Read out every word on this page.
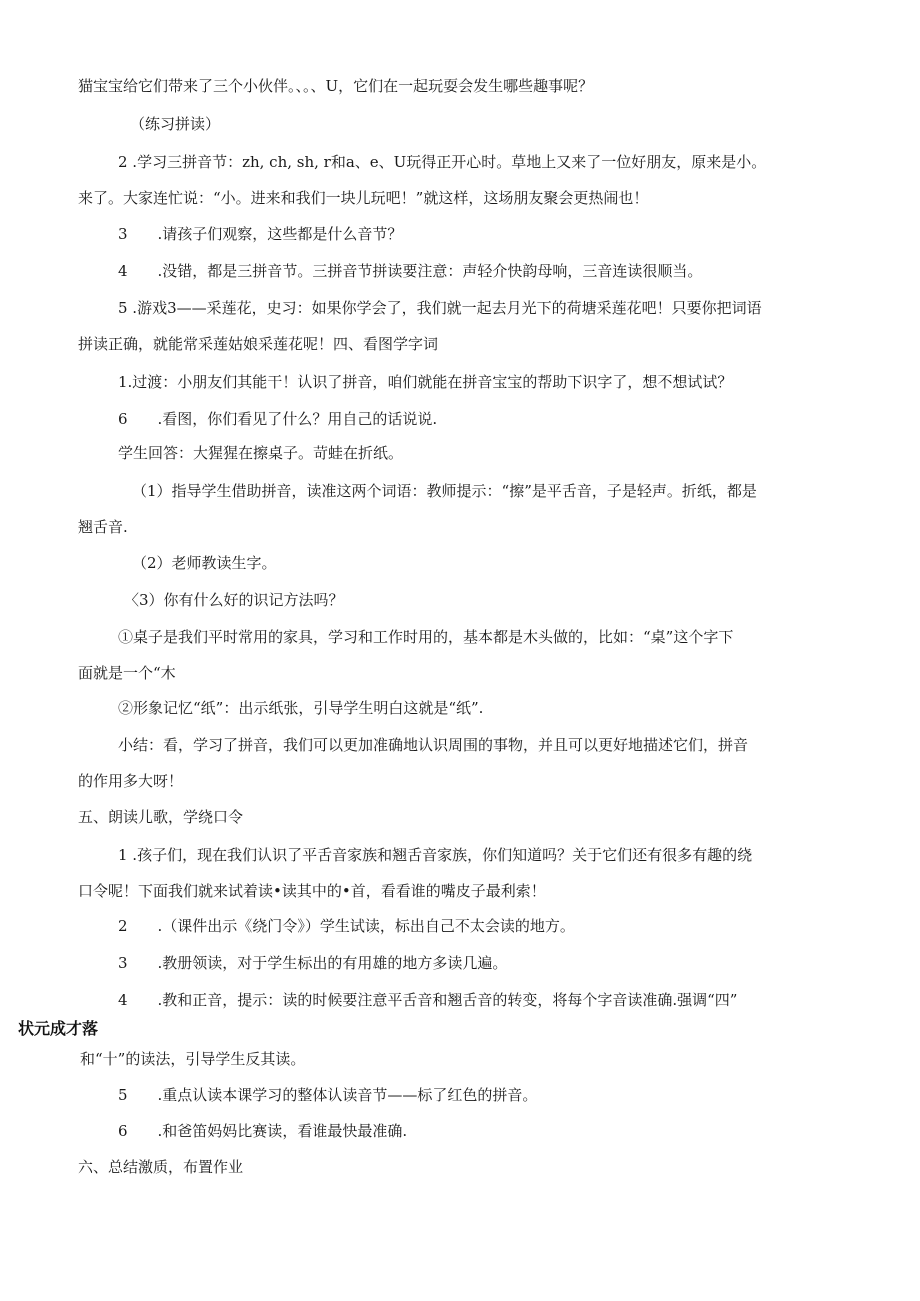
猫宝宝给它们带来了三个小伙伴。、。、U，它们在一起玩耍会发生哪些趣事呢？
（练习拼读）
2 .学习三拼音节：zh, ch, sh, r和a、e、U玩得正开心时。草地上又来了一位好朋友，原来是小。
来了。大家连忙说：“小。进来和我们一块儿玩吧！”就这样，这场朋友聚会更热闹也！
3　　.请孩子们观察，这些都是什么音节？
4　　.没错，都是三拼音节。三拼音节拼读要注意：声轻介快韵母响，三音连读很顺当。
5 .游戏3——采莲花，史习：如果你学会了，我们就一起去月光下的荷塘采莲花吧！只要你把词语
拼读正确，就能常采莲姑娘采莲花呢！四、看图学字词
1.过渡：小朋友们其能干！认识了拼音，咱们就能在拼音宝宝的帮助下识字了，想不想试试？
6　　.看图，你们看见了什么？用自己的话说说.
学生回答：大猩猩在擦桌子。苛蛙在折纸。
（1）指导学生借助拼音，读准这两个词语：教师提示：“擦”是平舌音，子是轻声。折纸，都是
翘舌音.
（2）老师教读生字。
〈3）你有什么好的识记方法吗？
①桌子是我们平时常用的家具，学习和工作时用的，基本都是木头做的，比如：“桌”这个字下
面就是一个“木
②形象记忆“纸”：出示纸张，引导学生明白这就是“纸”.
小结：看，学习了拼音，我们可以更加准确地认识周围的事物，并且可以更好地描述它们，拼音
的作用多大呀！
五、朗读儿歌，学绕口令
1 .孩子们，现在我们认识了平舌音家族和翘舌音家族，你们知道吗？关于它们还有很多有趣的绕
口令呢！下面我们就来试着读•读其中的•首，看看谁的嘴皮子最利索！
2　　.（课件出示《绕门令》）学生试读，标出自己不太会读的地方。
3　　.教册领读，对于学生标出的有用雄的地方多读几遍。
4　　.教和正音，提示：读的时候要注意平舌音和翘舌音的转变，将每个字音读准确.强调“四”
和“十”的读法，引导学生反其读。
5　　.重点认读本课学习的整体认读音节——标了红色的拼音。
6　　.和爸笛妈妈比赛读，看谁最快最准确.
六、总结激质，布置作业
状元成才落
